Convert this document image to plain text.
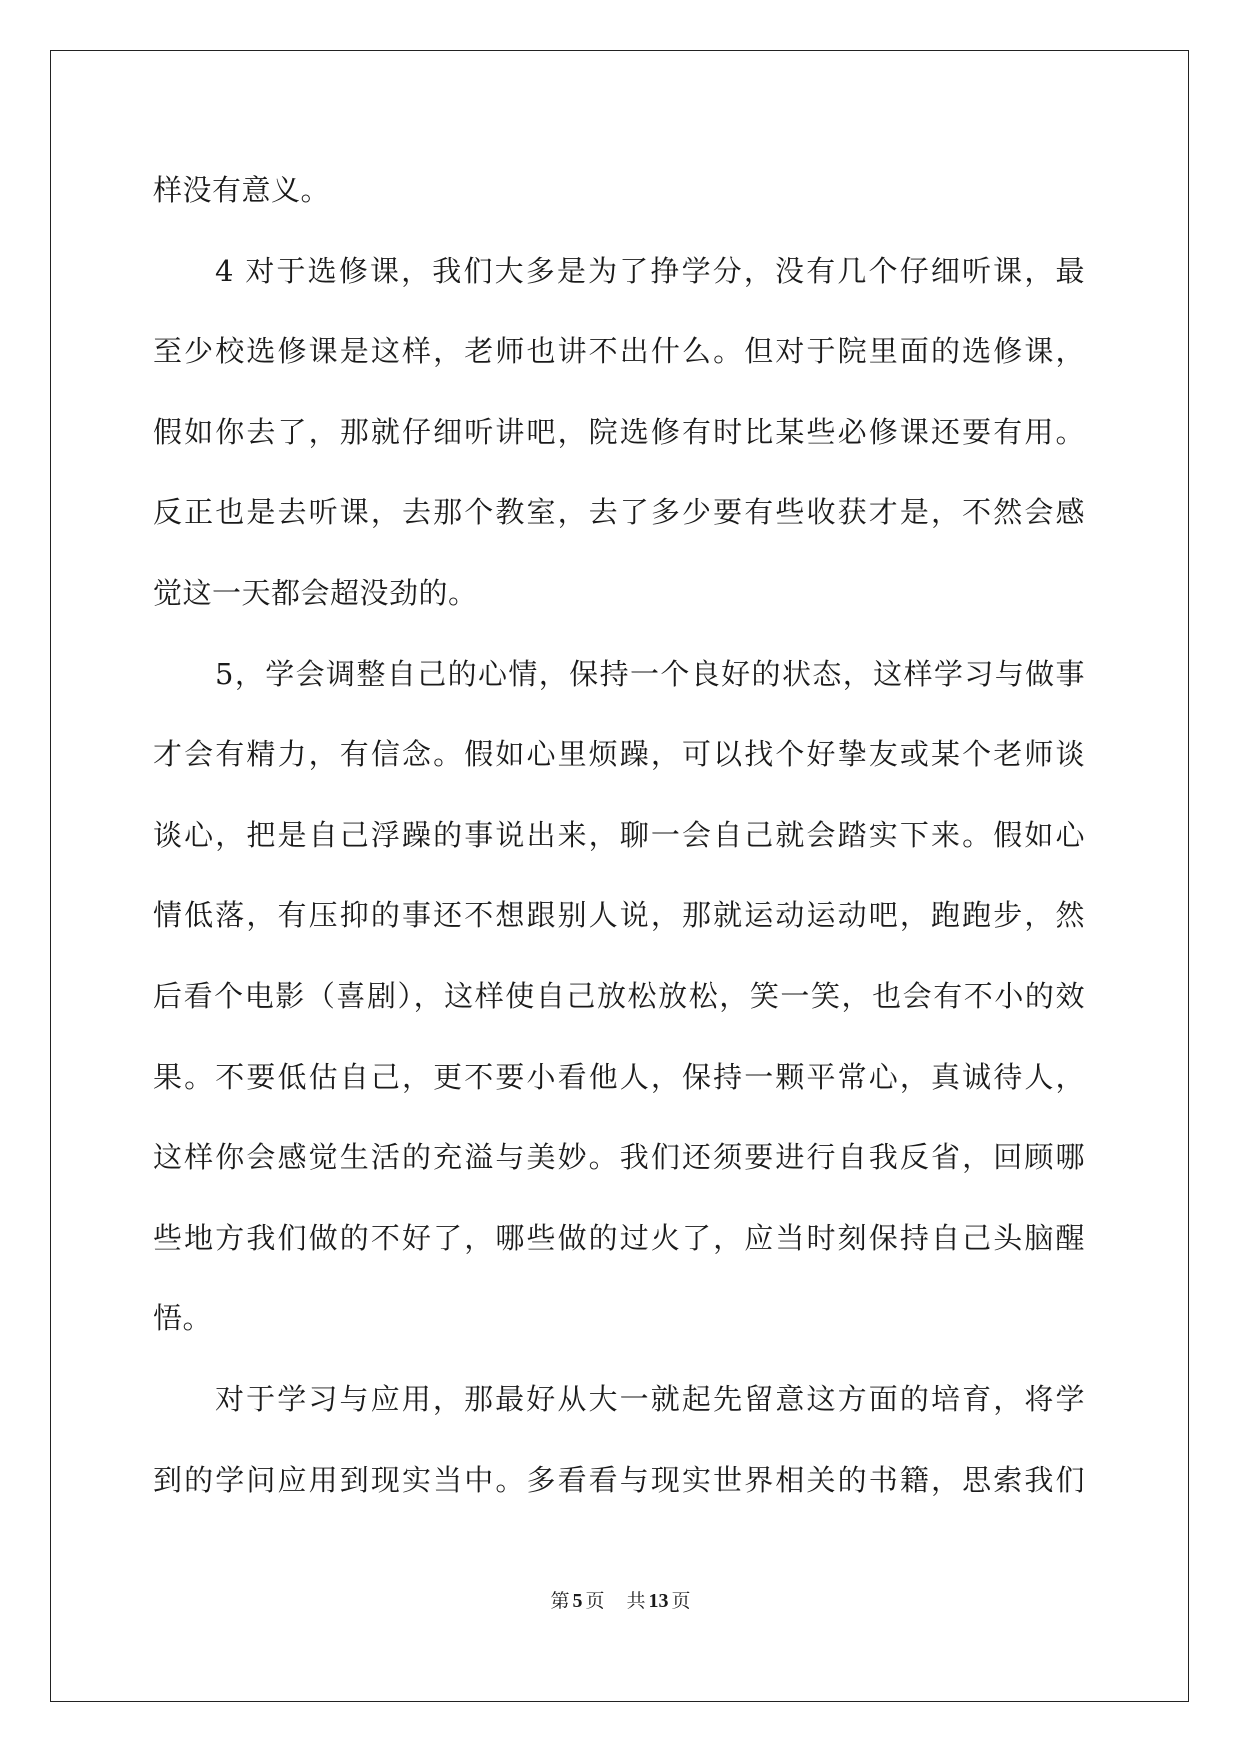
样没有意义。
4 对于选修课，我们大多是为了挣学分，没有几个仔细听课，最
至少校选修课是这样，老师也讲不出什么。但对于院里面的选修课，
假如你去了，那就仔细听讲吧，院选修有时比某些必修课还要有用。
反正也是去听课，去那个教室，去了多少要有些收获才是，不然会感
觉这一天都会超没劲的。
5，学会调整自己的心情，保持一个良好的状态，这样学习与做事
才会有精力，有信念。假如心里烦躁，可以找个好挚友或某个老师谈
谈心，把是自己浮躁的事说出来，聊一会自己就会踏实下来。假如心
情低落，有压抑的事还不想跟别人说，那就运动运动吧，跑跑步，然
后看个电影（喜剧），这样使自己放松放松，笑一笑，也会有不小的效
果。不要低估自己，更不要小看他人，保持一颗平常心，真诚待人，
这样你会感觉生活的充溢与美妙。我们还须要进行自我反省，回顾哪
些地方我们做的不好了，哪些做的过火了，应当时刻保持自己头脑醒
悟。
对于学习与应用，那最好从大一就起先留意这方面的培育，将学
到的学问应用到现实当中。多看看与现实世界相关的书籍，思索我们
第 5 页 共 13 页
